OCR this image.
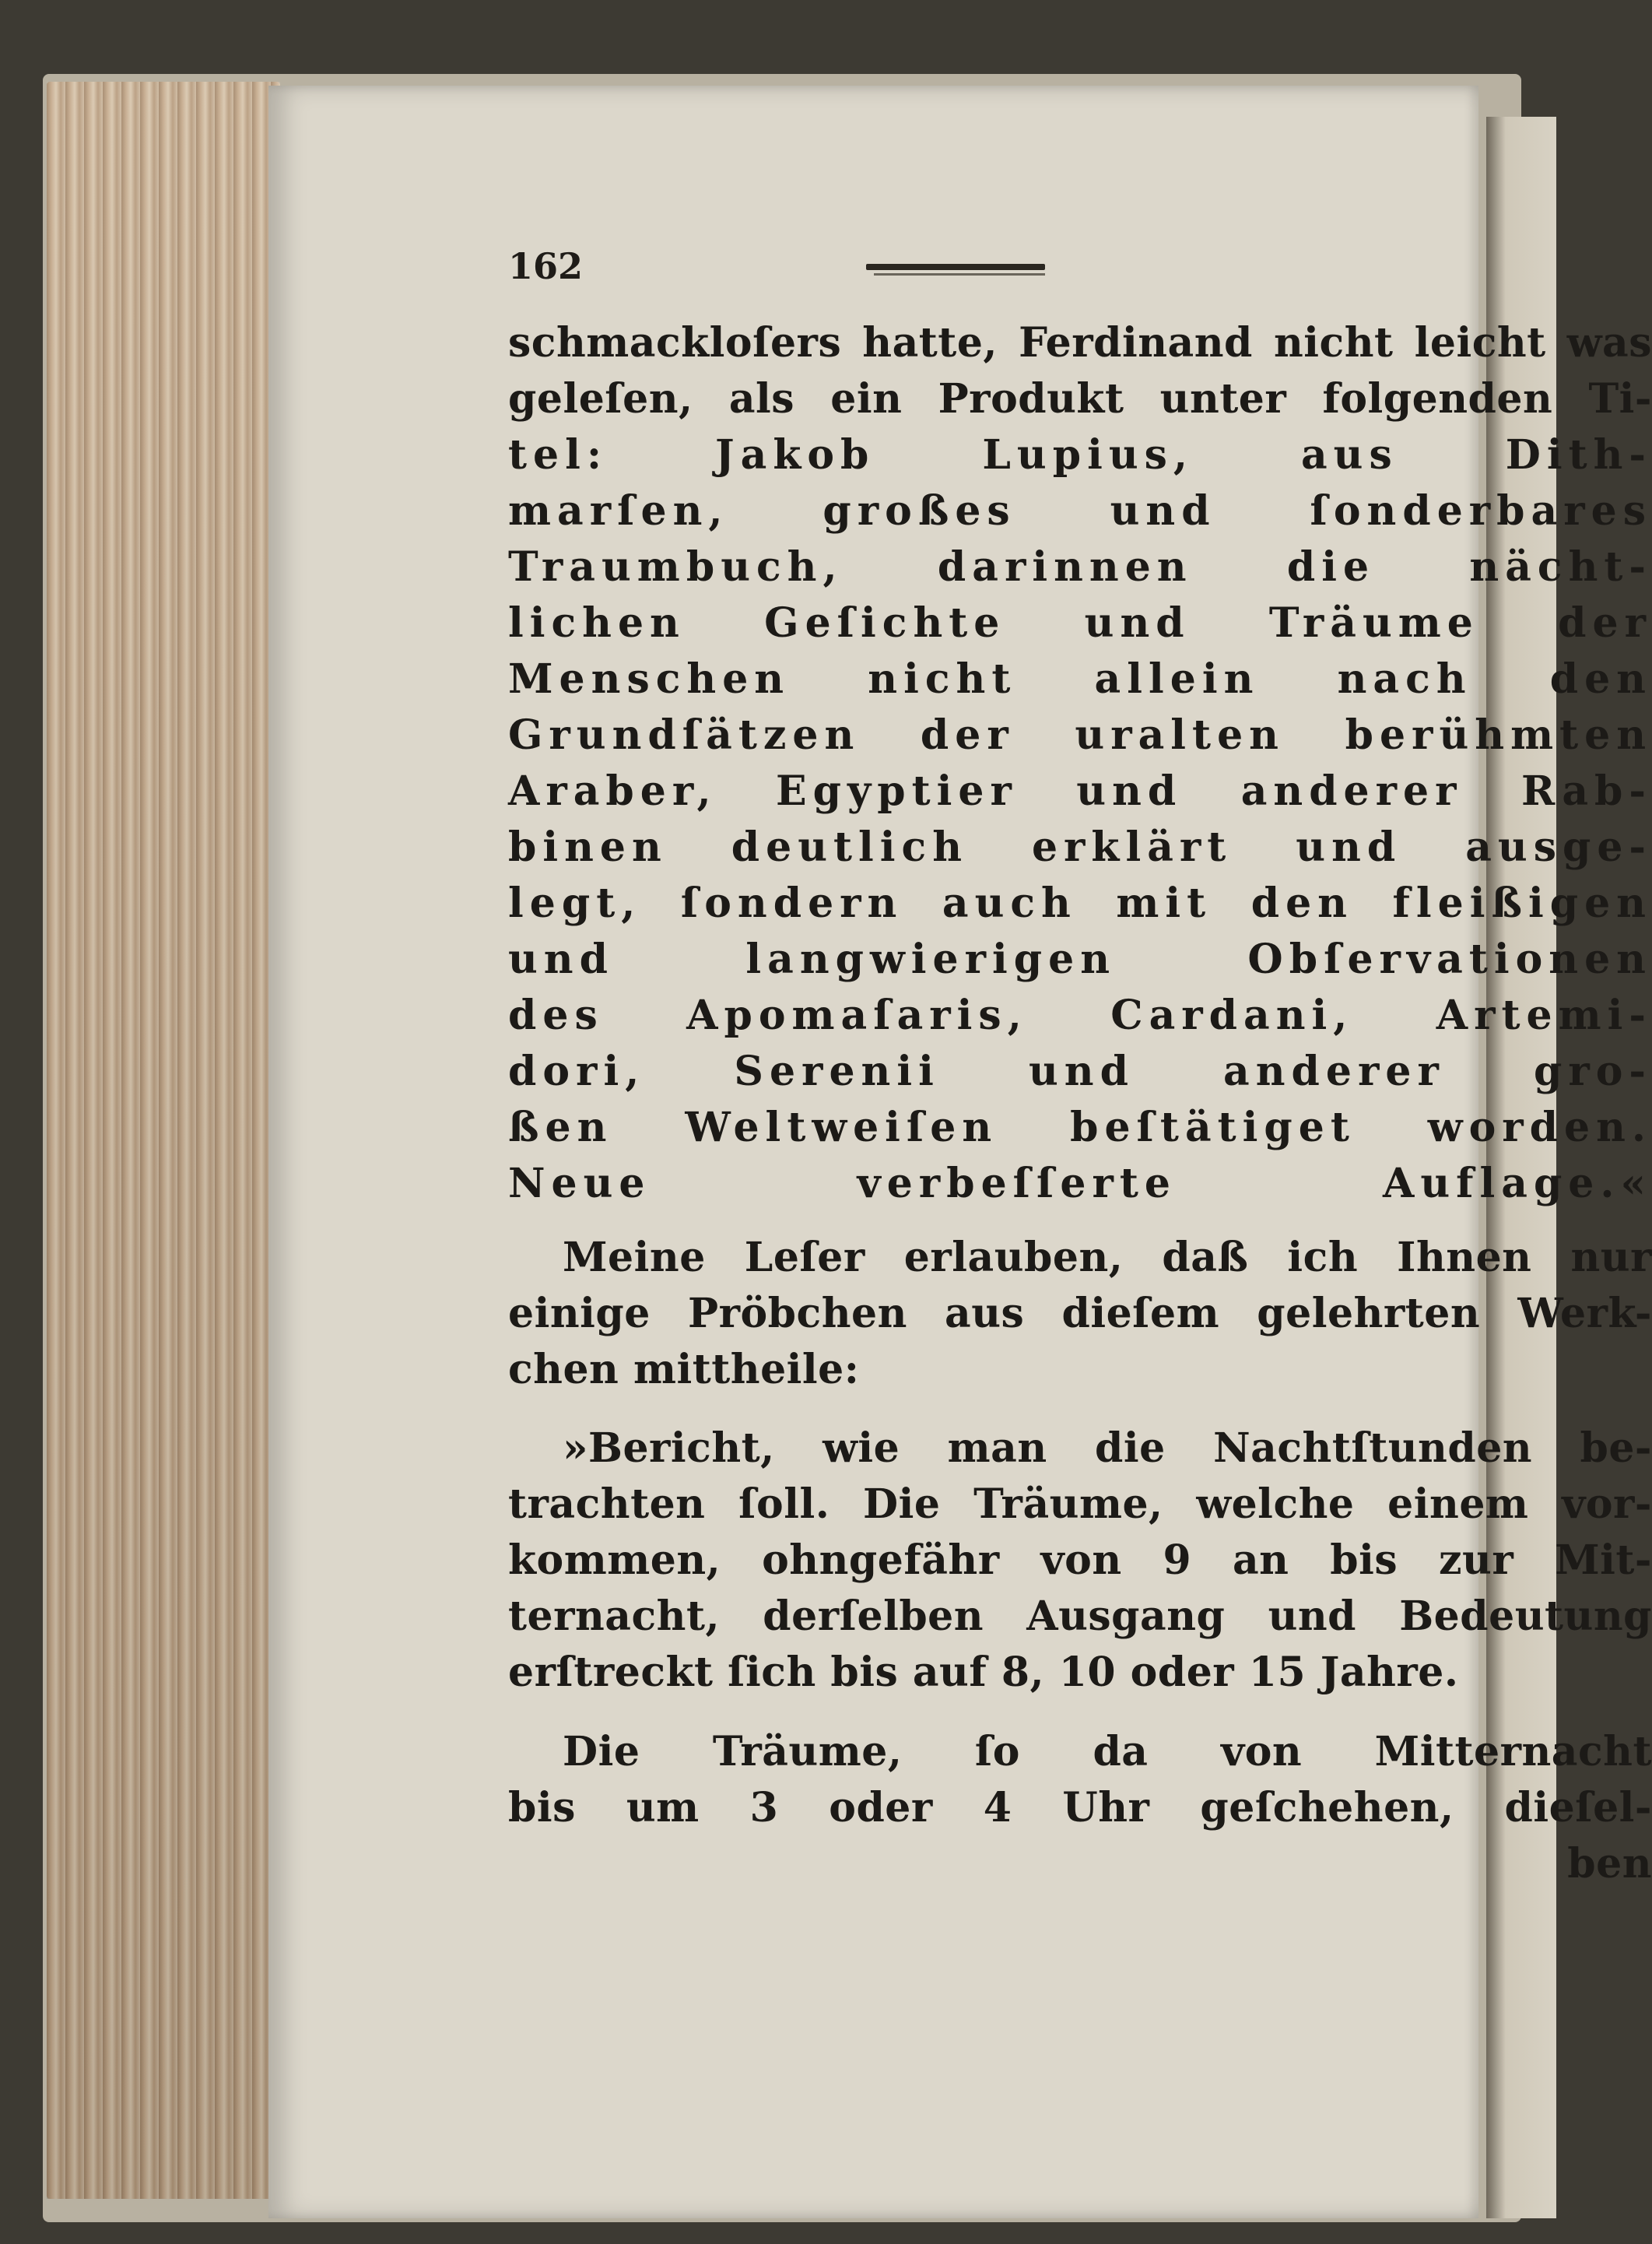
162
schmackloſers hatte, Ferdinand nicht leicht was
geleſen, als ein Produkt unter folgenden Ti-
tel: Jakob Lupius, aus Dith-
marſen, großes und ſonderbares
Traumbuch, darinnen die nächt-
lichen Geſichte und Träume der
Menschen nicht allein nach den
Grundſätzen der uralten berühmten
Araber, Egyptier und anderer Rab-
binen deutlich erklärt und ausge-
legt, ſondern auch mit den fleißigen
und langwierigen Obſervationen
des Apomaſaris, Cardani, Artemi-
dori, Serenii und anderer gro-
ßen Weltweiſen beſtätiget worden.
Neue verbeſſerte Auflage.«
Meine Leſer erlauben, daß ich Ihnen nur
einige Pröbchen aus dieſem gelehrten Werk-
chen mittheile:
»Bericht, wie man die Nachtſtunden be-
trachten ſoll. Die Träume, welche einem vor-
kommen, ohngefähr von 9 an bis zur Mit-
ternacht, derſelben Ausgang und Bedeutung
erſtreckt ſich bis auf 8, 10 oder 15 Jahre.
Die Träume, ſo da von Mitternacht
bis um 3 oder 4 Uhr geſchehen, dieſel-
ben
